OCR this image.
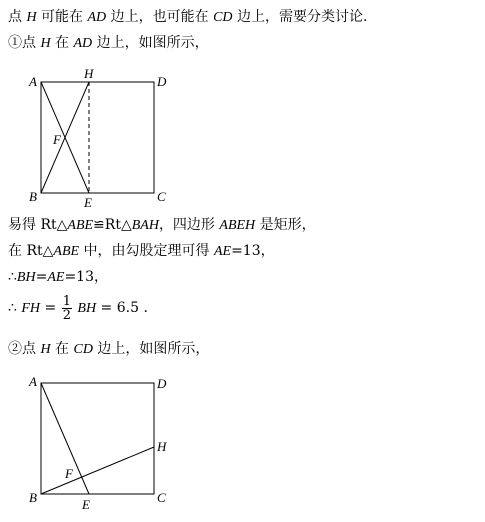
点 H 可能在 AD 边上，也可能在 CD 边上，需要分类讨论.
①点 H 在 AD 边上，如图所示，
A
H
D
F
B	E	C
易得 Rt△ABE≌Rt△BAH，四边形 ABEH 是矩形，
在 Rt△ABE 中，由勾股定理可得 AE=13，
∴BH=AE=13，
∴ FH = $\frac{1}{2}$ BH = 6.5 .
②点 H 在 CD 边上，如图所示，
A	D
H
F
B	E	C
